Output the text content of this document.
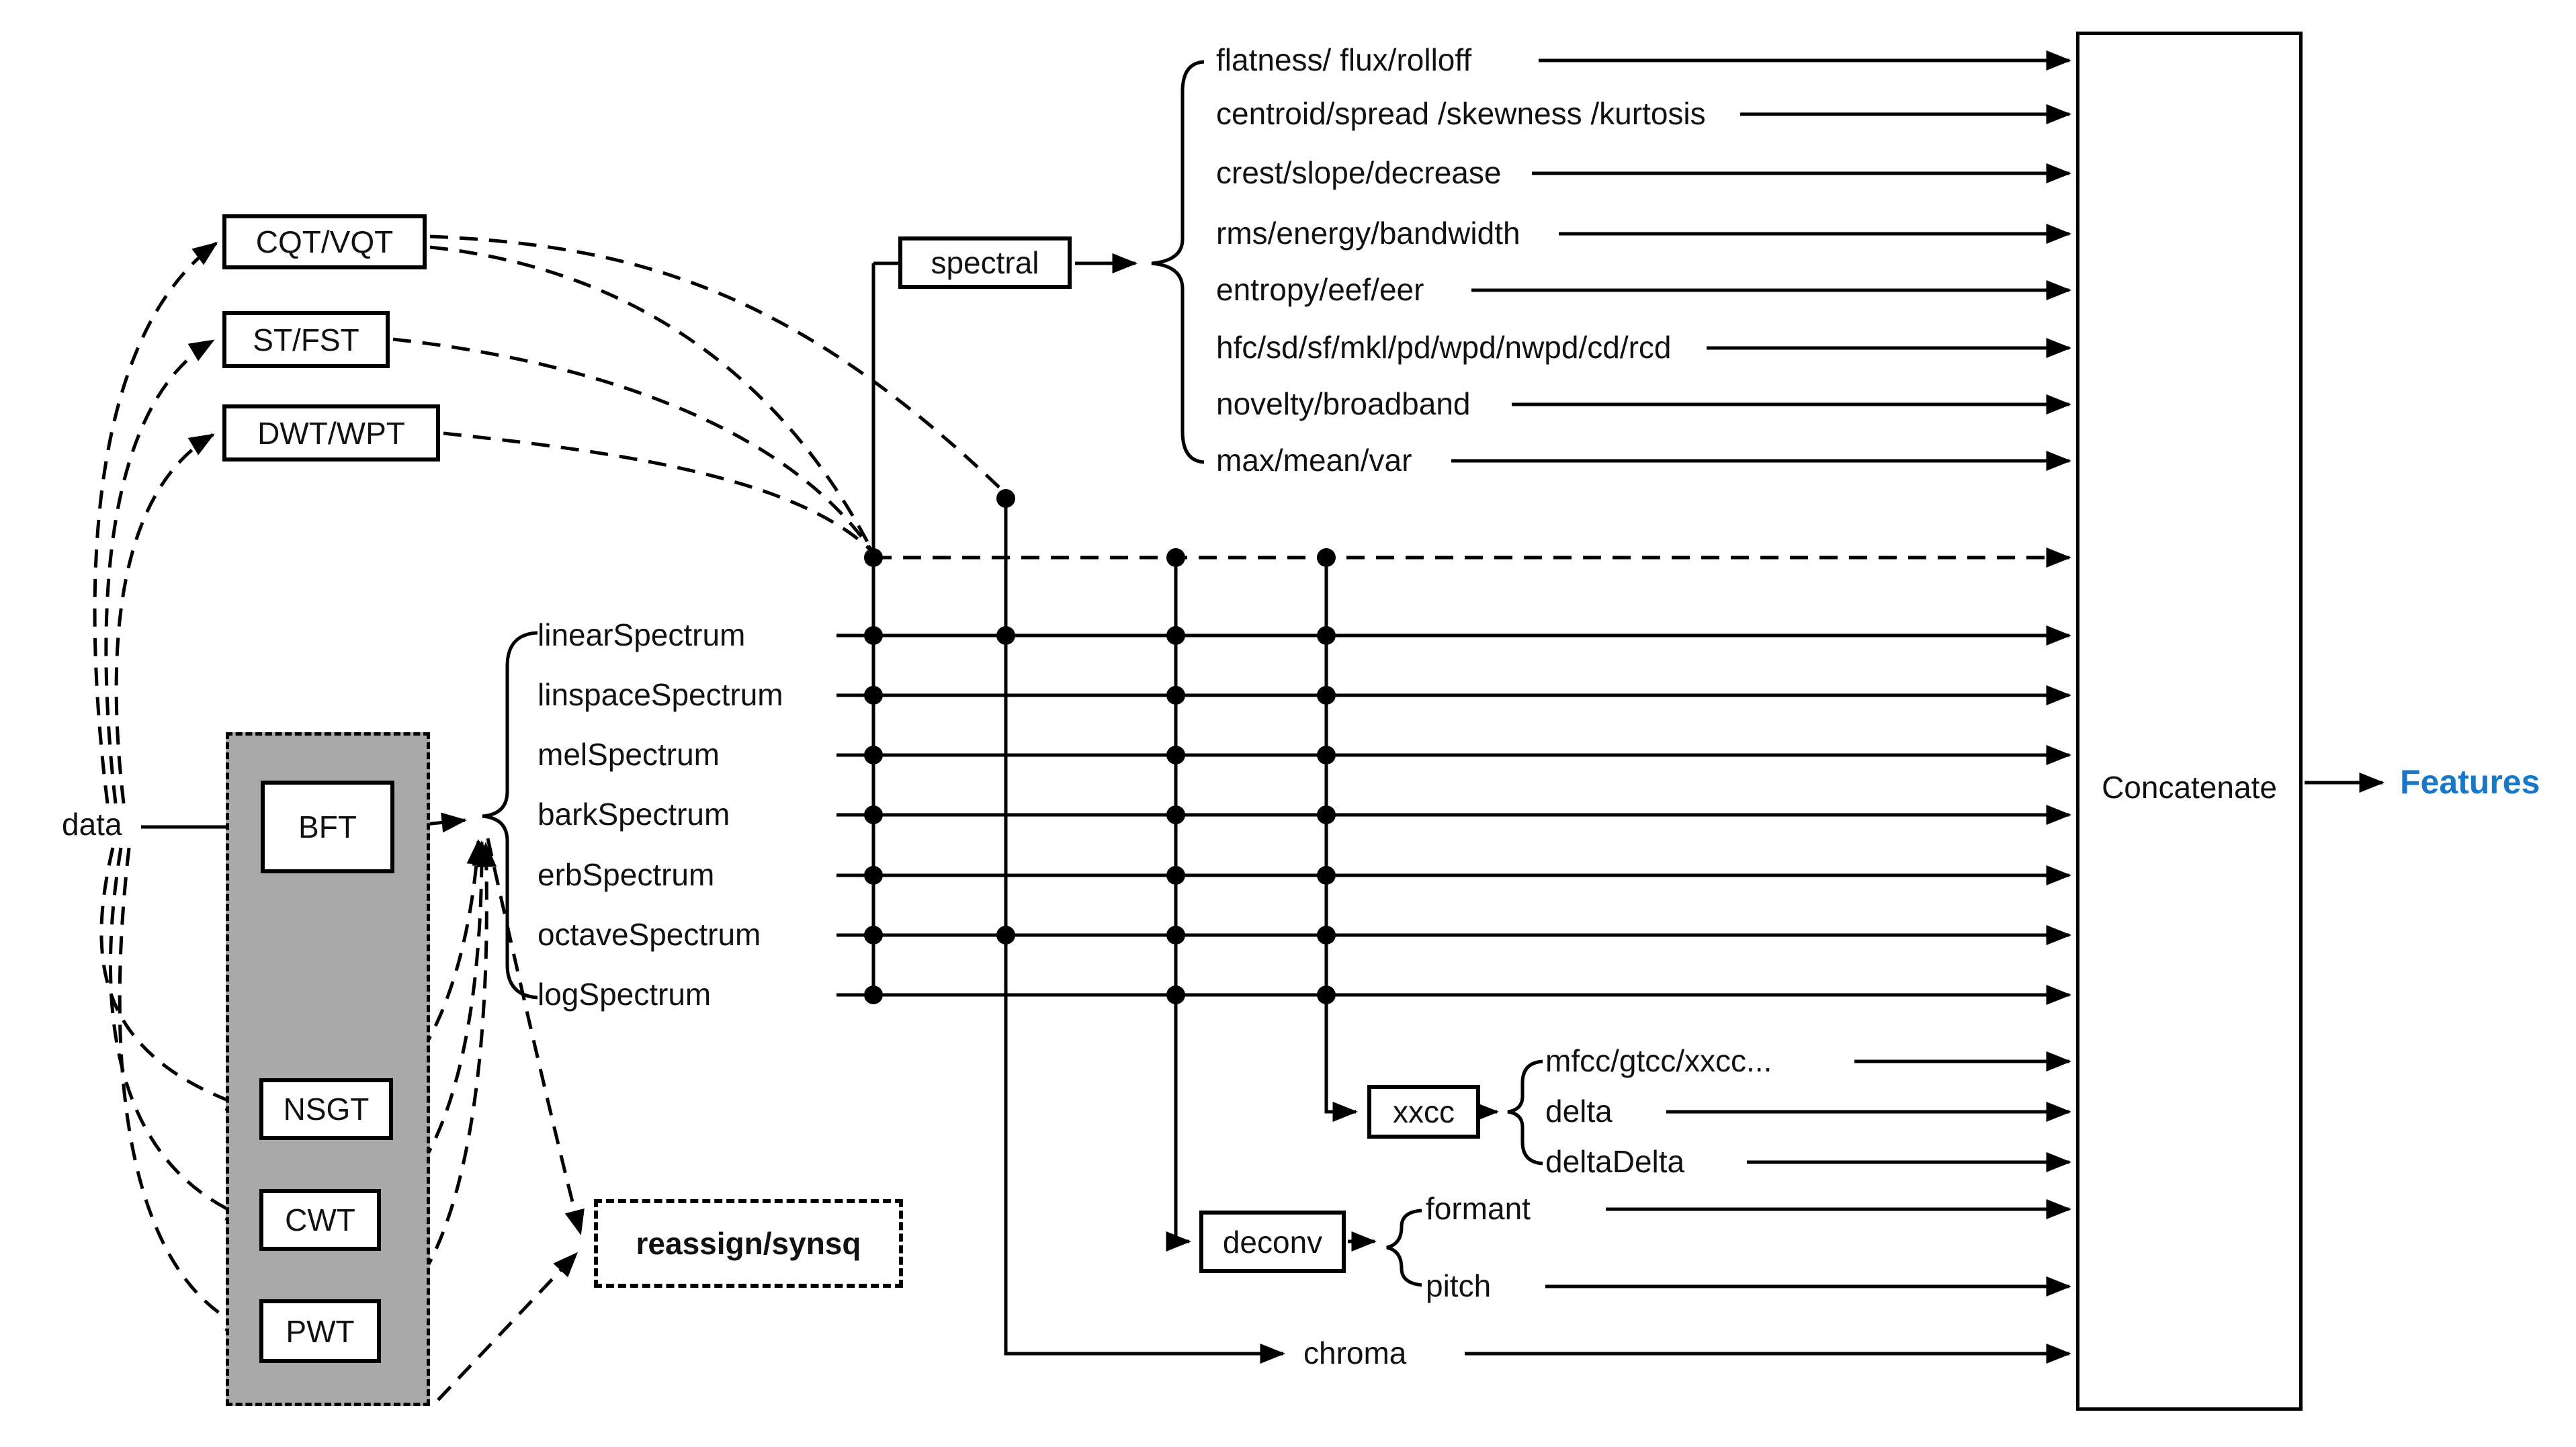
CQT/VQT
ST/FST
DWT/WPT
BFT
NSGT
CWT
PWT
reassign/synsq
spectral
xxcc
deconv
Concatenate
data
linearSpectrum
linspaceSpectrum
melSpectrum
barkSpectrum
erbSpectrum
octaveSpectrum
logSpectrum
flatness/ flux/rolloff
centroid/spread /skewness /kurtosis
crest/slope/decrease
rms/energy/bandwidth
entropy/eef/eer
hfc/sd/sf/mkl/pd/wpd/nwpd/cd/rcd
novelty/broadband
max/mean/var
mfcc/gtcc/xxcc...
delta
deltaDelta
formant
pitch
chroma
Features
